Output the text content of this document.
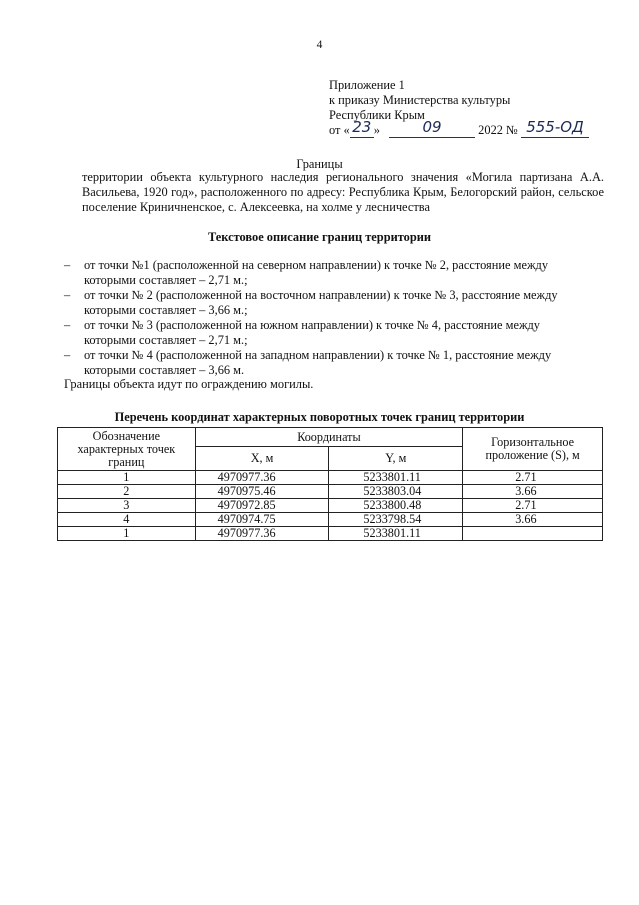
4
Приложение 1
к приказу Министерства культуры
Республики Крым
от « 23 »	09	2022 № 555-ОД
Границы
территории объекта культурного наследия регионального значения «Могила партизана А.А. Васильева, 1920 год», расположенного по адресу: Республика Крым, Белогорский район, сельское поселение Криничненское, с. Алексеевка, на холме у лесничества
Текстовое описание границ территории
– от точки №1 (расположенной на северном направлении) к точке № 2, расстояние между
которыми составляет – 2,71 м.;
– от точки № 2 (расположенной на восточном направлении) к точке № 3, расстояние между
которыми составляет – 3,66 м.;
– от точки № 3 (расположенной на южном направлении) к точке № 4, расстояние между
которыми составляет – 2,71 м.;
– от точки № 4 (расположенной на западном направлении) к точке № 1, расстояние между
которыми составляет – 3,66 м.
Границы объекта идут по ограждению могилы.
Перечень координат характерных поворотных точек границ территории
Обозначение характерных точек границ	Координаты		Горизонтальное проложение (S), м
	X, м	Y, м	
1	4970977.36	5233801.11	2.71
2	4970975.46	5233803.04	3.66
3	4970972.85	5233800.48	2.71
4	4970974.75	5233798.54	3.66
1	4970977.36	5233801.11	
